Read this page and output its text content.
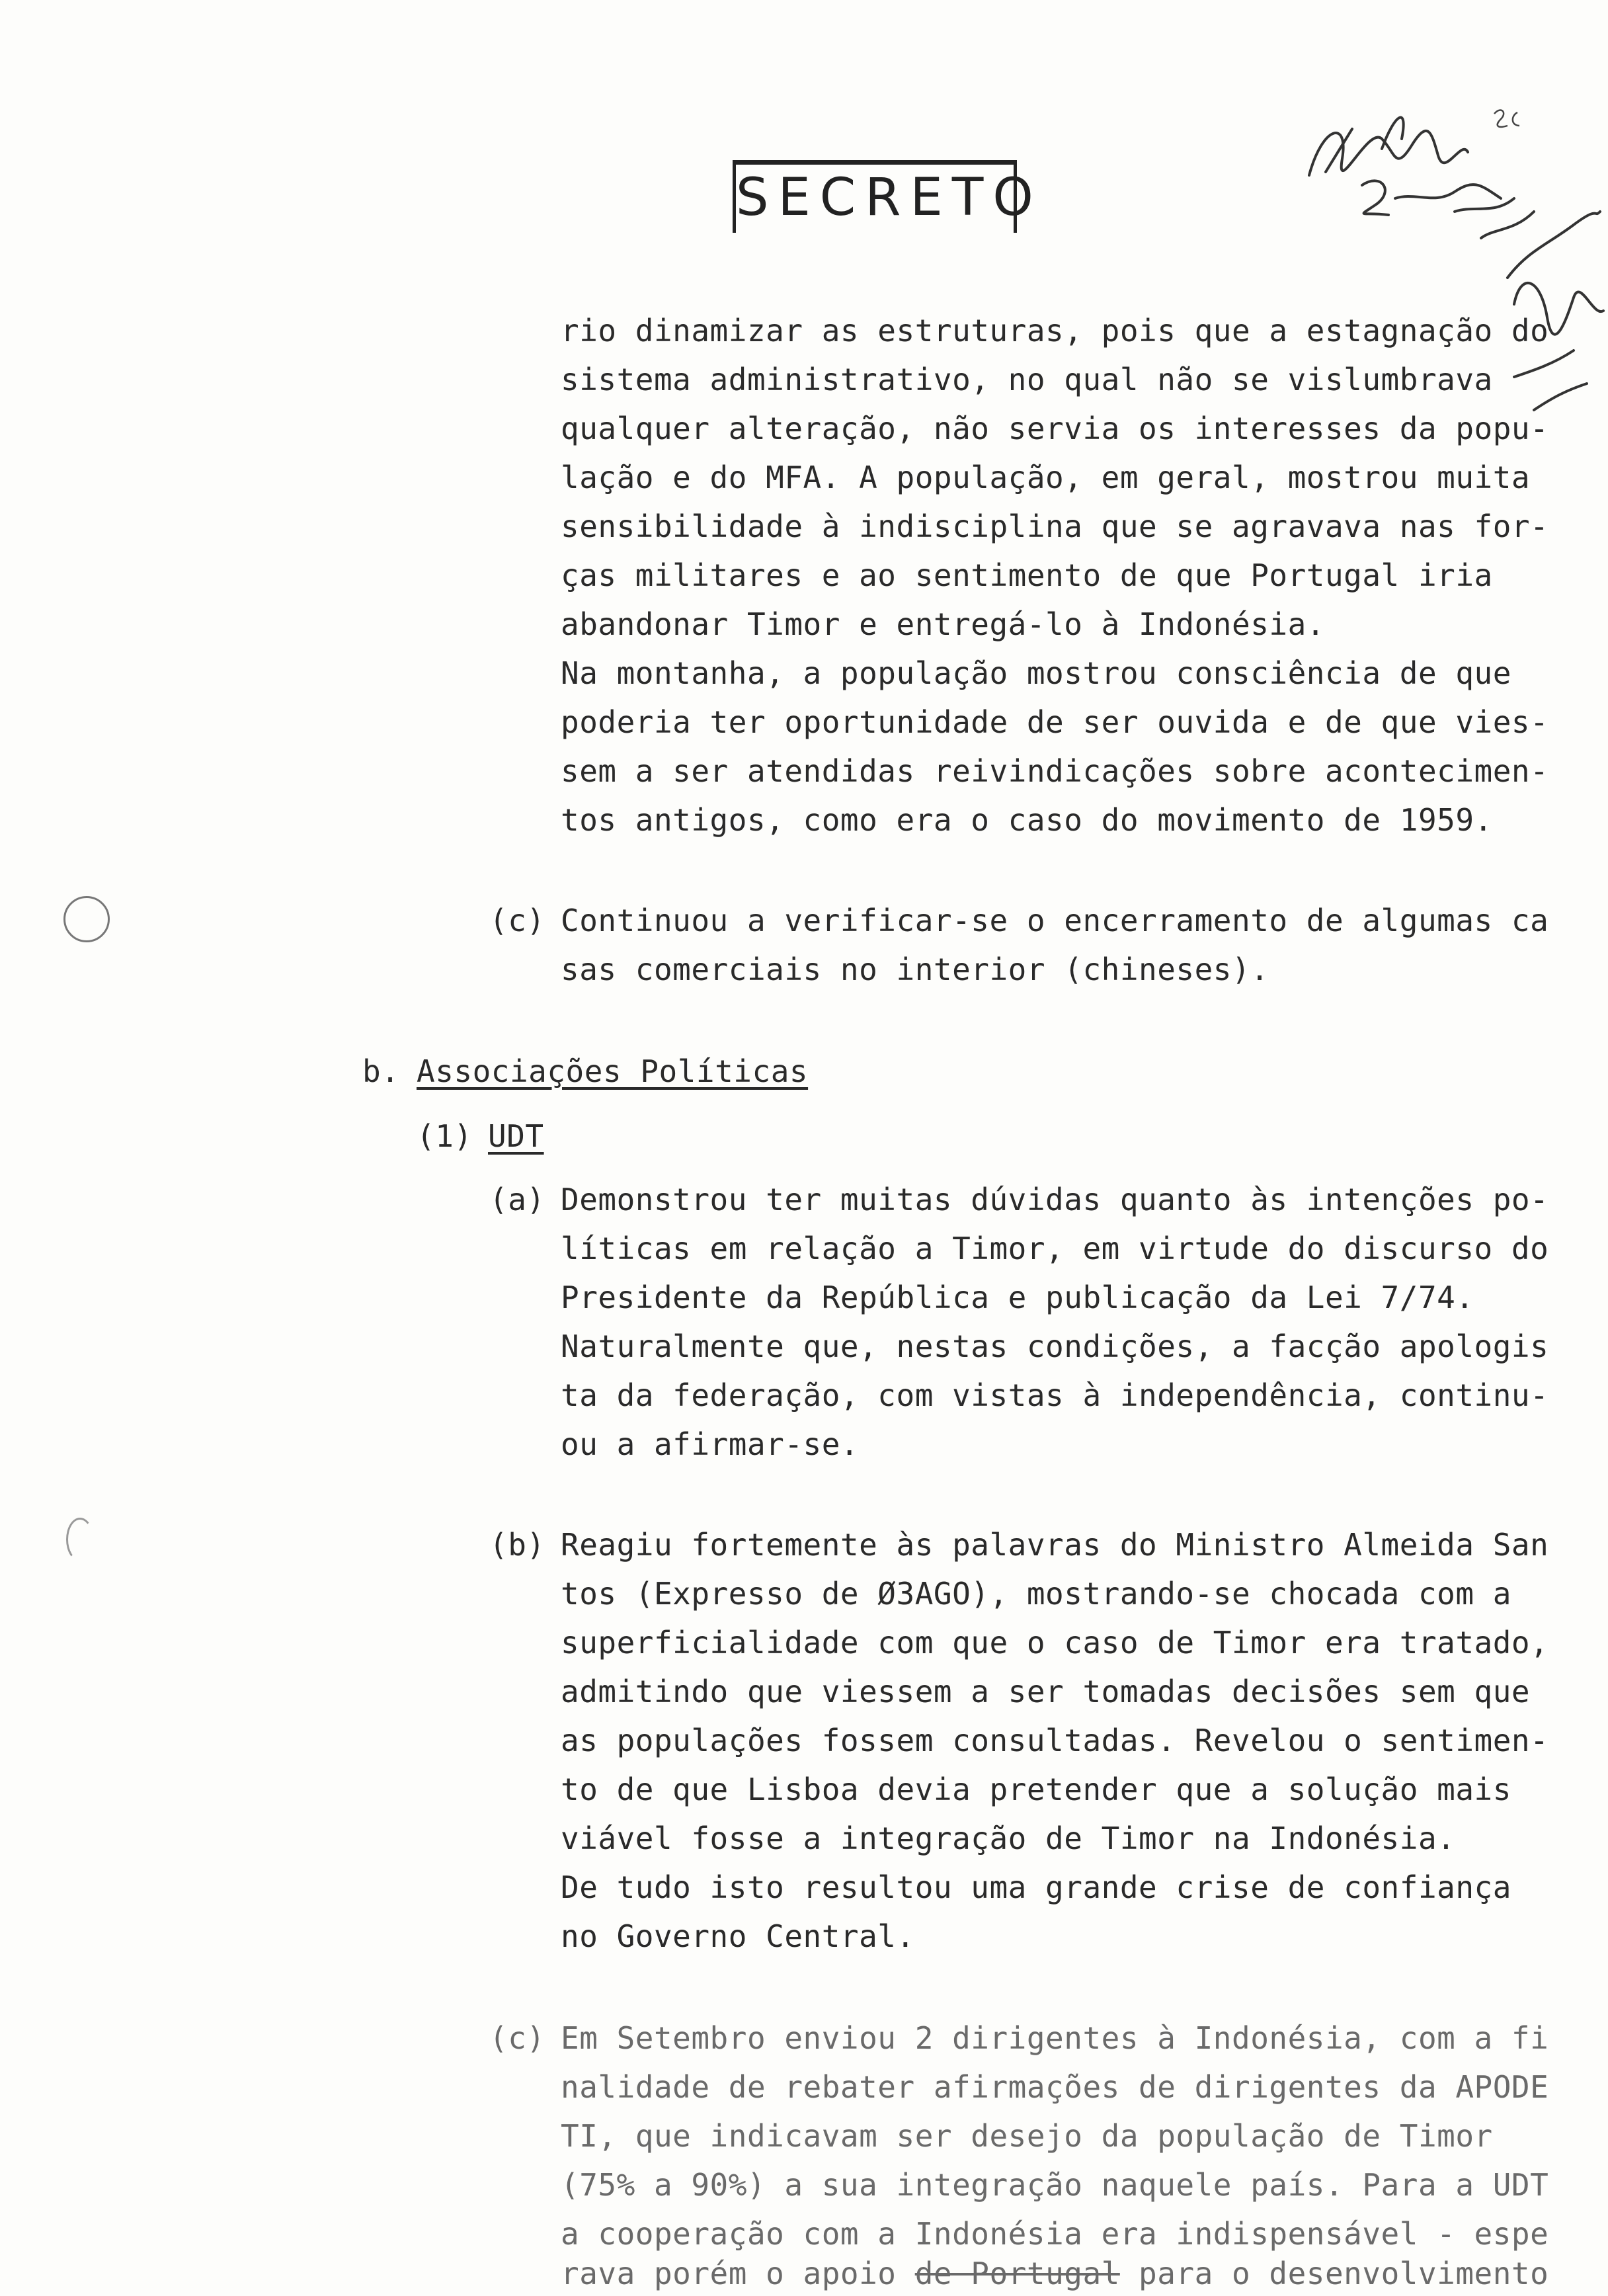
SECRETO
rio dinamizar as estruturas, pois que a estagnação do
sistema administrativo, no qual não se vislumbrava
qualquer alteração, não servia os interesses da popu-
lação e do MFA. A população, em geral, mostrou muita
sensibilidade à indisciplina que se agravava nas for-
ças militares e ao sentimento de que Portugal iria
abandonar Timor e entregá-lo à Indonésia.
Na montanha, a população mostrou consciência de que
poderia ter oportunidade de ser ouvida e de que vies-
sem a ser atendidas reivindicações sobre acontecimen-
tos antigos, como era o caso do movimento de 1959.
(c) Continuou a verificar-se o encerramento de algumas ca
sas comerciais no interior (chineses).
b. Associações Políticas
(1) UDT
(a) Demonstrou ter muitas dúvidas quanto às intenções po-
líticas em relação a Timor, em virtude do discurso do
Presidente da República e publicação da Lei 7/74.
Naturalmente que, nestas condições, a facção apologis
ta da federação, com vistas à independência, continu-
ou a afirmar-se.
(b) Reagiu fortemente às palavras do Ministro Almeida San
tos (Expresso de Ø3AGO), mostrando-se chocada com a
superficialidade com que o caso de Timor era tratado,
admitindo que viessem a ser tomadas decisões sem que
as populações fossem consultadas. Revelou o sentimen-
to de que Lisboa devia pretender que a solução mais
viável fosse a integração de Timor na Indonésia.
De tudo isto resultou uma grande crise de confiança
no Governo Central.
(c) Em Setembro enviou 2 dirigentes à Indonésia, com a fi
nalidade de rebater afirmações de dirigentes da APODE
TI, que indicavam ser desejo da população de Timor
(75% a 90%) a sua integração naquele país. Para a UDT
a cooperação com a Indonésia era indispensável - espe
rava porém o apoio de Portugal para o desenvolvimento
